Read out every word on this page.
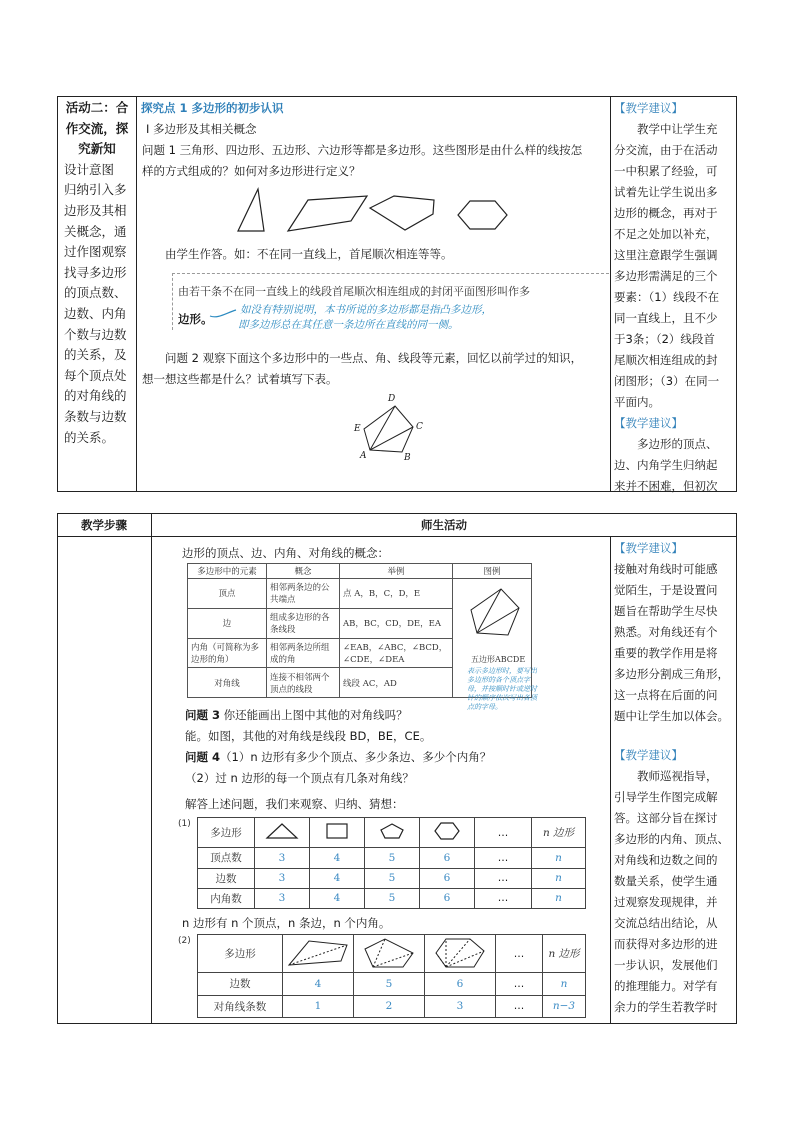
活动二：合
作交流，探
究新知
设计意图
归纳引入多
边形及其相
关概念，通
过作图观察
找寻多边形
的顶点数、
边数、内角
个数与边数
的关系，及
每个顶点处
的对角线的
条数与边数
的关系。
探究点 1 多边形的初步认识
Ⅰ 多边形及其相关概念
问题 1 三角形、四边形、五边形、六边形等都是多边形。这些图形是由什么样的线按怎
样的方式组成的？如何对多边形进行定义？
由学生作答。如：不在同一直线上，首尾顺次相连等等。
由若干条不在同一直线上的线段首尾顺次相连组成的封闭平面图形叫作多
边形。
如没有特别说明，本书所说的多边形都是指凸多边形，
即多边形总在其任意一条边所在直线的同一侧。
问题 2 观察下面这个多边形中的一些点、角、线段等元素，回忆以前学过的知识，
想一想这些都是什么？试着填写下表。
D
E	C
A	B
【教学建议】
教学中让学生充
分交流，由于在活动
一中积累了经验，可
试着先让学生说出多
边形的概念，再对于
不足之处加以补充，
这里注意跟学生强调
多边形需满足的三个
要素：（1）线段不在
同一直线上，且不少
于3条；（2）线段首
尾顺次相连组成的封
闭图形；（3）在同一
平面内。
【教学建议】
多边形的顶点、
边、内角学生归纳起
来并不困难，但初次
教学步骤	师生活动
边形的顶点、边、内角、对角线的概念：
多边形中的元素	概念	举例	图例
顶点	相邻两条边的公共端点	点 A，B，C，D，E	五边形ABCDE
表示多边形时，要写出多边形的各个顶点字母，并按顺时针或逆时针的顺序依次写出各顶点的字母。

边	组成多边形的各条线段	AB，BC，CD，DE，EA	
内角（可简称为多边形的角）	相邻两条边所组成的角	∠EAB，∠ABC，∠BCD，∠CDE，∠DEA	
对角线	连接不相邻两个顶点的线段	线段 AC，AD	
问题 3 你还能画出上图中其他的对角线吗？
能。如图，其他的对角线是线段 BD，BE，CE。
问题 4（1）n 边形有多少个顶点、多少条边、多少个内角？
（2）过 n 边形的每一个顶点有几条对角线？
解答上述问题，我们来观察、归纳、猜想：
(1)
多边形					…	n 边形
顶点数	3	4	5	6	…	n
边数	3	4	5	6	…	n
内角数	3	4	5	6	…	n
n 边形有 n 个顶点，n 条边，n 个内角。
(2)
多边形				…	n 边形
边数	4	5	6	…	n
对角线条数	1	2	3	…	n−3
【教学建议】
接触对角线时可能感
觉陌生，于是设置问
题旨在帮助学生尽快
熟悉。对角线还有个
重要的教学作用是将
多边形分割成三角形，
这一点将在后面的问
题中让学生加以体会。
【教学建议】
教师巡视指导，
引导学生作图完成解
答。这部分旨在探讨
多边形的内角、顶点、
对角线和边数之间的
数量关系，使学生通
过观察发现规律，并
交流总结出结论，从
而获得对多边形的进
一步认识，发展他们
的推理能力。对学有
余力的学生若教学时
